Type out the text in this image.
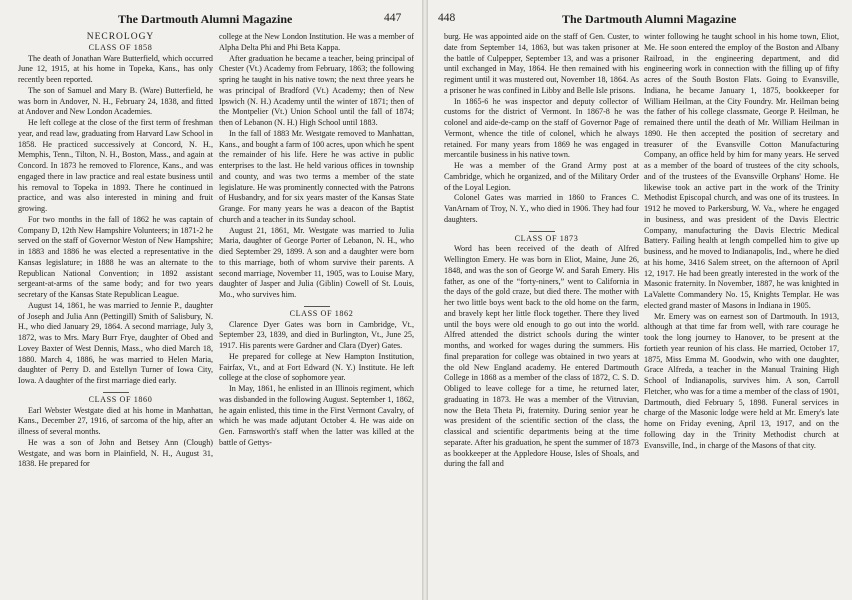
The Dartmouth Alumni Magazine	447

NECROLOGY

CLASS OF 1858

The death of Jonathan Ware Butterfield, which occurred June 12, 1915, at his home in Topeka, Kans., has only recently been reported.

The son of Samuel and Mary B. (Ware) Butterfield, he was born in Andover, N. H., February 24, 1838, and fitted at Andover and New London Academies.

He left college at the close of the first term of freshman year, and read law, graduating from Harvard Law School in 1858. He practiced successively at Concord, N. H., Memphis, Tenn., Tilton, N. H., Boston, Mass., and again at Concord. In 1873 he removed to Florence, Kans., and was engaged there in law practice and real estate business until his removal to Topeka in 1893. There he continued in practice, and was also interested in mining and fruit growing.

For two months in the fall of 1862 he was captain of Company D, 12th New Hampshire Volunteers; in 1871-2 he served on the staff of Governor Weston of New Hampshire; in 1883 and 1886 he was elected a representative in the Kansas legislature; in 1888 he was an alternate to the Republican National Convention; in 1892 assistant sergeant-at-arms of the same body; and for two years secretary of the Kansas State Republican League.

August 14, 1861, he was married to Jennie P., daughter of Joseph and Julia Ann (Pettingill) Smith of Salisbury, N. H., who died January 29, 1864. A second marriage, July 3, 1872, was to Mrs. Mary Burr Frye, daughter of Obed and Lovey Baxter of West Dennis, Mass., who died March 18, 1880. March 4, 1886, he was married to Helen Maria, daughter of Perry D. and Estellyn Turner of Iowa City, Iowa. A daughter of the first marriage died early.

CLASS OF 1860

Earl Webster Westgate died at his home in Manhattan, Kans., December 27, 1916, of sarcoma of the hip, after an illness of several months.

He was a son of John and Betsey Ann (Clough) Westgate, and was born in Plainfield, N. H., August 31, 1838. He prepared for

college at the New London Institution. He was a member of Alpha Delta Phi and Phi Beta Kappa.

After graduation he became a teacher, being principal of Chester (Vt.) Academy from February, 1863; the following spring he taught in his native town; the next three years he was principal of Bradford (Vt.) Academy; then of New Ipswich (N. H.) Academy until the winter of 1871; then of the Montpelier (Vt.) Union School until the fall of 1874; then of Lebanon (N. H.) High School until 1883.

In the fall of 1883 Mr. Westgate removed to Manhattan, Kans., and bought a farm of 100 acres, upon which he spent the remainder of his life. Here he was active in public enterprises to the last. He held various offices in township and county, and was two terms a member of the state legislature. He was prominently connected with the Patrons of Husbandry, and for six years master of the Kansas State Grange. For many years he was a deacon of the Baptist church and a teacher in its Sunday school.

August 21, 1861, Mr. Westgate was married to Julia Maria, daughter of George Porter of Lebanon, N. H., who died September 29, 1899. A son and a daughter were born to this marriage, both of whom survive their parents. A second marriage, November 11, 1905, was to Louise Mary, daughter of Jasper and Julia (Giblin) Cowell of St. Louis, Mo., who survives him.

CLASS OF 1862

Clarence Dyer Gates was born in Cambridge, Vt., September 23, 1839, and died in Burlington, Vt., June 25, 1917. His parents were Gardner and Clara (Dyer) Gates.

He prepared for college at New Hampton Institution, Fairfax, Vt., and at Fort Edward (N. Y.) Institute. He left college at the close of sophomore year.

In May, 1861, he enlisted in an Illinois regiment, which was disbanded in the following August. September 1, 1862, he again enlisted, this time in the First Vermont Cavalry, of which he was made adjutant October 4. He was aide on Gen. Farnsworth's staff when the latter was killed at the battle of Gettys-

448	The Dartmouth Alumni Magazine

burg. He was appointed aide on the staff of Gen. Custer, to date from September 14, 1863, but was taken prisoner at the battle of Culpepper, September 13, and was a prisoner until exchanged in May, 1864. He then remained with his regiment until it was mustered out, November 18, 1864. As a prisoner he was confined in Libby and Belle Isle prisons.

In 1865-6 he was inspector and deputy collector of customs for the district of Vermont. In 1867-8 he was colonel and aide-de-camp on the staff of Governor Page of Vermont, whence the title of colonel, which he always retained. For many years from 1869 he was engaged in mercantile business in his native town.

He was a member of the Grand Army post at Cambridge, which he organized, and of the Military Order of the Loyal Legion.

Colonel Gates was married in 1860 to Frances C. VanArnam of Troy, N. Y., who died in 1906. They had four daughters.

CLASS OF 1873

Word has been received of the death of Alfred Wellington Emery. He was born in Eliot, Maine, June 26, 1848, and was the son of George W. and Sarah Emery. His father, as one of the “forty-niners,” went to California in the days of the gold craze, but died there. The mother with her two little boys went back to the old home on the farm, and bravely kept her little flock together. There they lived until the boys were old enough to go out into the world. Alfred attended the district schools during the winter months, and worked for wages during the summers. His final preparation for college was obtained in two years at the old New England academy. He entered Dartmouth College in 1868 as a member of the class of 1872, C. S. D. Obliged to leave college for a time, he returned later, graduating in 1873. He was a member of the Vitruvian, now the Beta Theta Pi, fraternity. During senior year he was president of the scientific section of the class, the classical and scientific departments being at the time separate. After his graduation, he spent the summer of 1873 as bookkeeper at the Appledore House, Isles of Shoals, and during the fall and

winter following he taught school in his home town, Eliot, Me. He soon entered the employ of the Boston and Albany Railroad, in the engineering department, and did engineering work in connection with the filling up of fifty acres of the South Boston Flats. Going to Evansville, Indiana, he became January 1, 1875, bookkeeper for William Heilman, at the City Foundry. Mr. Heilman being the father of his college classmate, George P. Heilman, he remained there until the death of Mr. William Heilman in 1890. He then accepted the position of secretary and treasurer of the Evansville Cotton Manufacturing Company, an office held by him for many years. He served as a member of the board of trustees of the city schools, and of the trustees of the Evansville Orphans' Home. He likewise took an active part in the work of the Trinity Methodist Episcopal church, and was one of its trustees. In 1912 he moved to Parkersburg, W. Va., where he engaged in business, and was president of the Davis Electric Company, manufacturing the Davis Electric Medical Battery. Failing health at length compelled him to give up business, and he moved to Indianapolis, Ind., where he died at his home, 3416 Salem street, on the afternoon of April 12, 1917. He had been greatly interested in the work of the Masonic fraternity. In November, 1887, he was knighted in LaValette Commandery No. 15, Knights Templar. He was elected grand master of Masons in Indiana in 1905.

Mr. Emery was on earnest son of Dartmouth. In 1913, although at that time far from well, with rare courage he took the long journey to Hanover, to be present at the fortieth year reunion of his class. He married, October 17, 1875, Miss Emma M. Goodwin, who with one daughter, Grace Alfreda, a teacher in the Manual Training High School of Indianapolis, survives him. A son, Carroll Fletcher, who was for a time a member of the class of 1901, Dartmouth, died February 5, 1898. Funeral services in charge of the Masonic lodge were held at Mr. Emery's late home on Friday evening, April 13, 1917, and on the following day in the Trinity Methodist church at Evansville, Ind., in charge of the Masons of that city.
